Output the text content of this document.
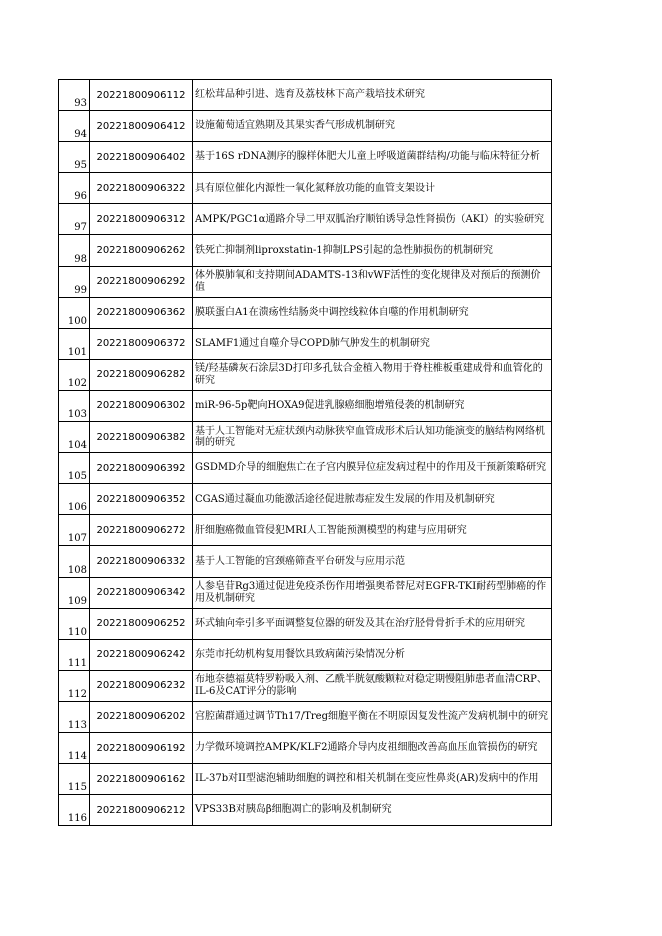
93	20221800906112	红松茸品种引进、选育及荔枝林下高产栽培技术研究
94	20221800906412	设施葡萄适宜熟期及其果实香气形成机制研究
95	20221800906402	基于16S rDNA测序的腺样体肥大儿童上呼吸道菌群结构/功能与临床特征分析
96	20221800906322	具有原位催化内源性一氧化氮释放功能的血管支架设计
97	20221800906312	AMPK/PGC1α通路介导二甲双胍治疗顺铂诱导急性肾损伤（AKI）的实验研究
98	20221800906262	铁死亡抑制剂liproxstatin-1抑制LPS引起的急性肺损伤的机制研究
99	20221800906292	体外膜肺氧和支持期间ADAMTS-13和vWF活性的变化规律及对预后的预测价值
100	20221800906362	膜联蛋白A1在溃疡性结肠炎中调控线粒体自噬的作用机制研究
101	20221800906372	SLAMF1通过自噬介导COPD肺气肿发生的机制研究
102	20221800906282	镁/羟基磷灰石涂层3D打印多孔钛合金植入物用于脊柱椎板重建成骨和血管化的研究
103	20221800906302	miR-96-5p靶向HOXA9促进乳腺癌细胞增殖侵袭的机制研究
104	20221800906382	基于人工智能对无症状颈内动脉狭窄血管成形术后认知功能演变的脑结构网络机制的研究
105	20221800906392	GSDMD介导的细胞焦亡在子宫内膜异位症发病过程中的作用及干预新策略研究
106	20221800906352	CGAS通过凝血功能激活途径促进脓毒症发生发展的作用及机制研究
107	20221800906272	肝细胞癌微血管侵犯MRI人工智能预测模型的构建与应用研究
108	20221800906332	基于人工智能的宫颈癌筛查平台研发与应用示范
109	20221800906342	人参皂苷Rg3通过促进免疫杀伤作用增强奥希替尼对EGFR-TKI耐药型肺癌的作用及机制研究
110	20221800906252	环式轴向牵引多平面调整复位器的研发及其在治疗胫骨骨折手术的应用研究
111	20221800906242	东莞市托幼机构复用餐饮具致病菌污染情况分析
112	20221800906232	布地奈德福莫特罗粉吸入剂、乙酰半胱氨酸颗粒对稳定期慢阻肺患者血清CRP、IL-6及CAT评分的影响
113	20221800906202	宫腔菌群通过调节Th17/Treg细胞平衡在不明原因复发性流产发病机制中的研究
114	20221800906192	力学微环境调控AMPK/KLF2通路介导内皮祖细胞改善高血压血管损伤的研究
115	20221800906162	IL-37b对II型滤泡辅助细胞的调控和相关机制在变应性鼻炎(AR)发病中的作用
116	20221800906212	VPS33B对胰岛β细胞凋亡的影响及机制研究
